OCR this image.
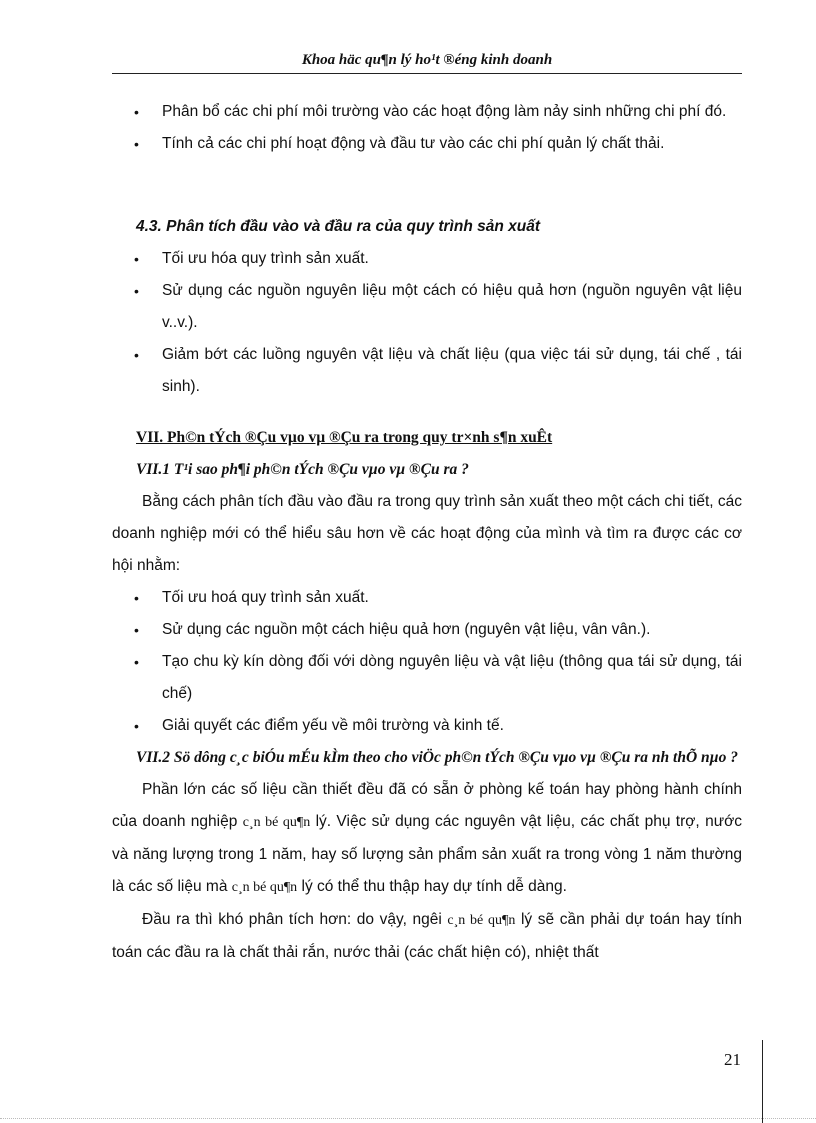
Khoa häc qu¶n lý ho¹t ®éng kinh doanh
•	Phân bổ các chi phí môi trường vào các hoạt động làm nảy sinh những chi phí đó.
• Tính cả các chi phí hoạt động và đầu tư vào các chi phí quản lý chất thải.
4.3. Phân tích đầu vào và đầu ra của quy trình sản xuất
• Tối ưu hóa quy trình sản xuất.
• Sử dụng các nguồn nguyên liệu một cách có hiệu quả hơn (nguồn nguyên vật liệu v..v.).
• Giảm bớt các luồng nguyên vật liệu và chất liệu (qua việc tái sử dụng, tái chế , tái sinh).
VII. Ph©n tÝch ®Çu vµo vµ ®Çu ra trong quy tr×nh s¶n xuÊt
VII.1 T¹i sao ph¶i ph©n tÝch ®Çu vµo vµ ®Çu ra ?
Bằng cách phân tích đầu vào đầu ra trong quy trình sản xuất theo một cách chi tiết, các doanh nghiệp mới có thể hiểu sâu hơn về các hoạt động của mình và tìm ra được các cơ hội nhằm:
• Tối ưu hoá quy trình sản xuất.
• Sử dụng các nguồn một cách hiệu quả hơn (nguyên vật liệu, vân vân.).
• Tạo chu kỳ kín dòng đối với dòng nguyên liệu và vật liệu (thông qua tái sử dụng, tái chế)
• Giải quyết các điểm yếu về môi trường và kinh tế.
VII.2 Sö dông c¸c biÓu mÉu kÌm theo cho viÖc ph©n tÝch ®Çu vµo vµ ®Çu ra nh thÕ nµo ?
Phần lớn các số liệu cần thiết đều đã có sẵn ở phòng kế toán hay phòng hành chính của doanh nghiệp c¸n bé qu¶n lý. Việc sử dụng các nguyên vật liệu, các chất phụ trợ, nước và năng lượng trong 1 năm, hay số lượng sản phẩm sản xuất ra trong vòng 1 năm thường là các số liệu mà c¸n bé qu¶n lý có thể thu thập hay dự tính dễ dàng.
Đầu ra thì khó phân tích hơn: do vậy, ngêi c¸n bé qu¶n lý sẽ cần phải dự toán hay tính toán các đầu ra là chất thải rắn, nước thải (các chất hiện có), nhiệt thất
21
